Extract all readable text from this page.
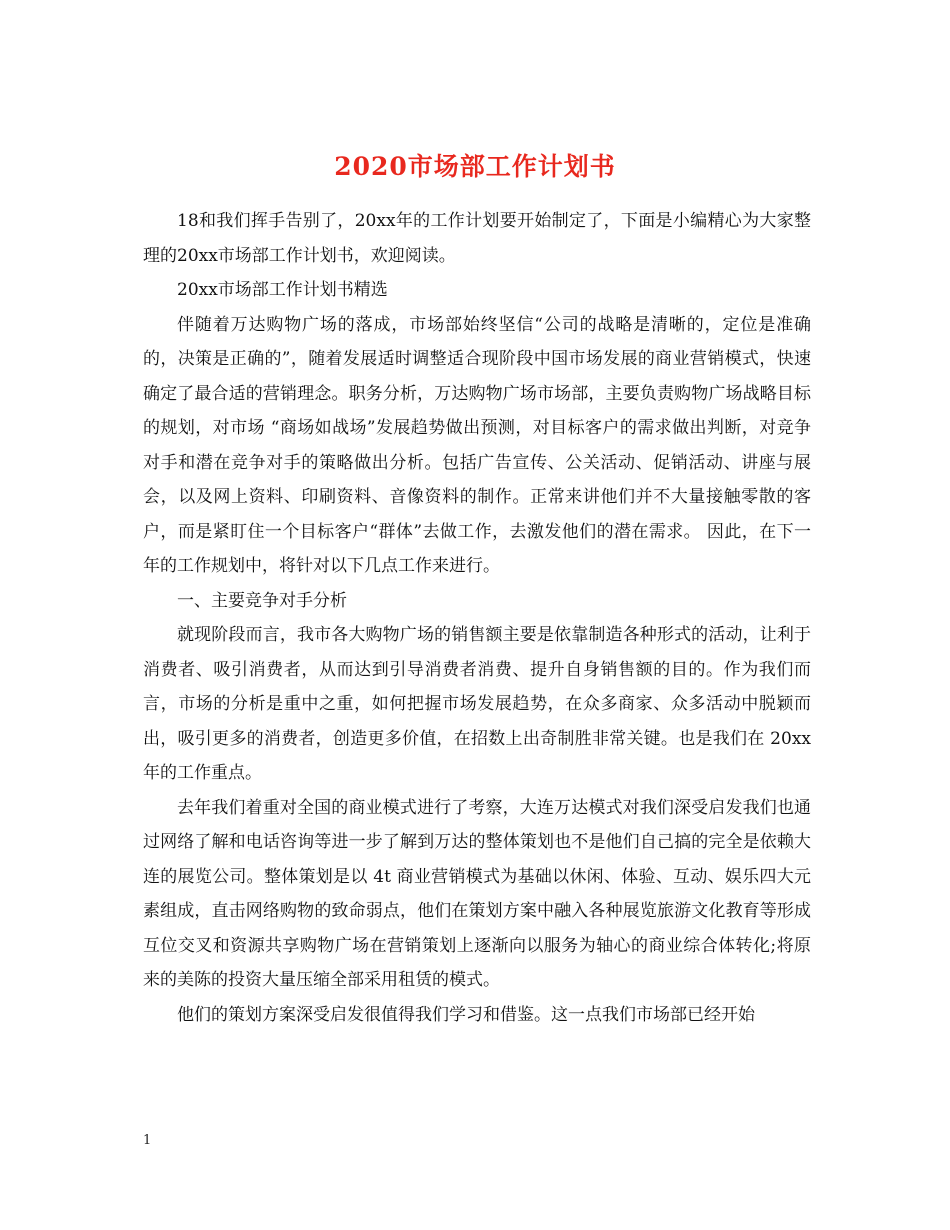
2020市场部工作计划书

18和我们挥手告别了，20xx年的工作计划要开始制定了，下面是小编精心为大家整理的20xx市场部工作计划书，欢迎阅读。

20xx市场部工作计划书精选

伴随着万达购物广场的落成，市场部始终坚信“公司的战略是清晰的，定位是准确的，决策是正确的”，随着发展适时调整适合现阶段中国市场发展的商业营销模式，快速确定了最合适的营销理念。职务分析，万达购物广场市场部，主要负责购物广场战略目标的规划，对市场 “商场如战场”发展趋势做出预测，对目标客户的需求做出判断，对竞争对手和潜在竞争对手的策略做出分析。包括广告宣传、公关活动、促销活动、讲座与展会，以及网上资料、印刷资料、音像资料的制作。正常来讲他们并不大量接触零散的客户，而是紧盯住一个目标客户“群体”去做工作，去激发他们的潜在需求。 因此，在下一年的工作规划中，将针对以下几点工作来进行。

一、主要竞争对手分析

就现阶段而言，我市各大购物广场的销售额主要是依靠制造各种形式的活动，让利于消费者、吸引消费者，从而达到引导消费者消费、提升自身销售额的目的。作为我们而言，市场的分析是重中之重，如何把握市场发展趋势，在众多商家、众多活动中脱颖而出，吸引更多的消费者，创造更多价值，在招数上出奇制胜非常关键。也是我们在 20xx 年的工作重点。

去年我们着重对全国的商业模式进行了考察，大连万达模式对我们深受启发我们也通过网络了解和电话咨询等进一步了解到万达的整体策划也不是他们自己搞的完全是依赖大连的展览公司。整体策划是以 4t 商业营销模式为基础以休闲、体验、互动、娱乐四大元素组成，直击网络购物的致命弱点，他们在策划方案中融入各种展览旅游文化教育等形成互位交叉和资源共享购物广场在营销策划上逐渐向以服务为轴心的商业综合体转化;将原来的美陈的投资大量压缩全部采用租赁的模式。

他们的策划方案深受启发很值得我们学习和借鉴。这一点我们市场部已经开始

1
